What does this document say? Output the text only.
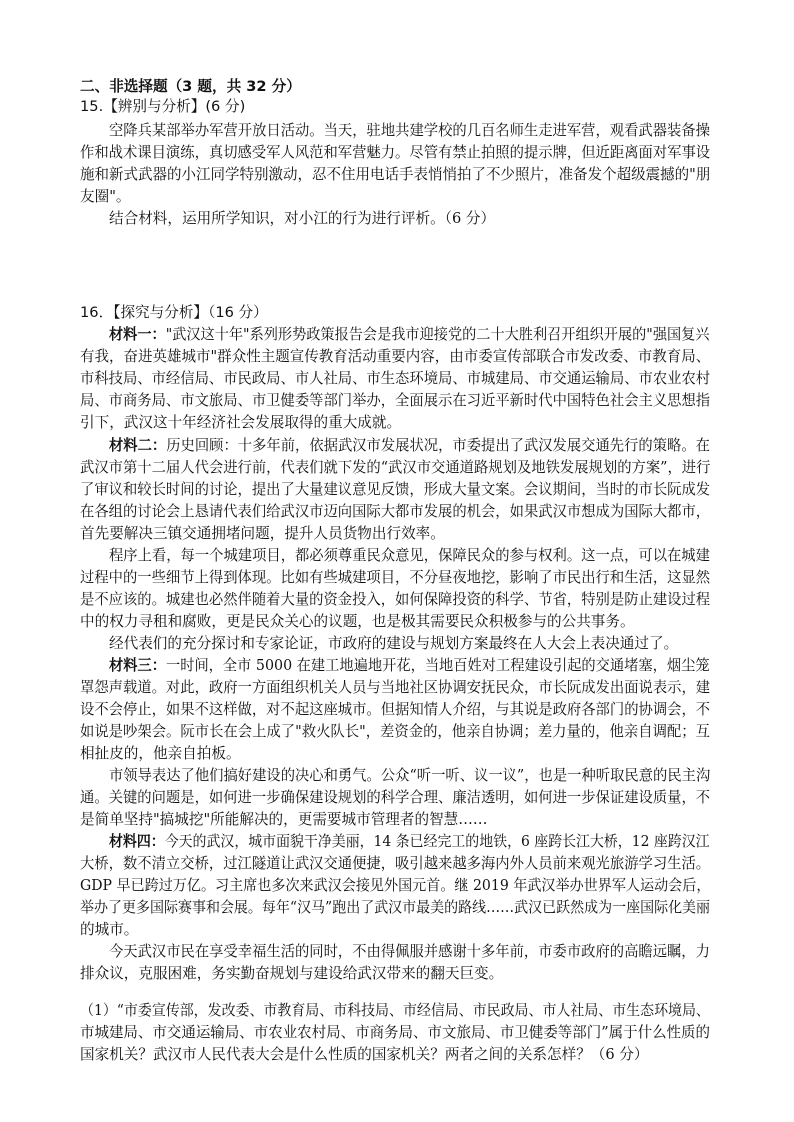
二、非选择题（3 题，共 32 分）
15.【辨别与分析】(6 分)
空降兵某部举办军营开放日活动。当天，驻地共建学校的几百名师生走进军营，观看武器装备操
作和战术课目演练，真切感受军人风范和军营魅力。尽管有禁止拍照的提示牌，但近距离面对军事设
施和新式武器的小江同学特别激动，忍不住用电话手表悄悄拍了不少照片，准备发个超级震撼的"朋
友圈"。
结合材料，运用所学知识，对小江的行为进行评析。（6 分）
16．【探究与分析】（16 分）
材料一："武汉这十年"系列形势政策报告会是我市迎接党的二十大胜利召开组织开展的"强国复兴
有我，奋进英雄城市"群众性主题宣传教育活动重要内容，由市委宣传部联合市发改委、市教育局、
市科技局、市经信局、市民政局、市人社局、市生态环境局、市城建局、市交通运输局、市农业农村
局、市商务局、市文旅局、市卫健委等部门举办，全面展示在习近平新时代中国特色社会主义思想指
引下，武汉这十年经济社会发展取得的重大成就。
材料二：历史回顾：十多年前，依据武汉市发展状况，市委提出了武汉发展交通先行的策略。在
武汉市第十二届人代会进行前，代表们就下发的“武汉市交通道路规划及地铁发展规划的方案”，进行
了审议和较长时间的讨论，提出了大量建议意见反馈，形成大量文案。会议期间，当时的市长阮成发
在各组的讨论会上恳请代表们给武汉市迈向国际大都市发展的机会，如果武汉市想成为国际大都市，
首先要解决三镇交通拥堵问题，提升人员货物出行效率。
程序上看，每一个城建项目，都必须尊重民众意见，保障民众的参与权利。这一点，可以在城建
过程中的一些细节上得到体现。比如有些城建项目，不分昼夜地挖，影响了市民出行和生活，这显然
是不应该的。城建也必然伴随着大量的资金投入，如何保障投资的科学、节省，特别是防止建设过程
中的权力寻租和腐败，更是民众关心的议题，也是极其需要民众积极参与的公共事务。
经代表们的充分探讨和专家论证，市政府的建设与规划方案最终在人大会上表决通过了。
材料三：一时间，全市 5000 在建工地遍地开花，当地百姓对工程建设引起的交通堵塞，烟尘笼
罩怨声载道。对此，政府一方面组织机关人员与当地社区协调安抚民众，市长阮成发出面说表示，建
设不会停止，如果不这样做，对不起这座城市。但据知情人介绍，与其说是政府各部门的协调会，不
如说是吵架会。阮市长在会上成了"救火队长"，差资金的，他亲自协调；差力量的，他亲自调配；互
相扯皮的，他亲自拍板。
市领导表达了他们搞好建设的决心和勇气。公众“听一听、议一议”，也是一种听取民意的民主沟
通。关键的问题是，如何进一步确保建设规划的科学合理、廉洁透明，如何进一步保证建设质量，不
是简单坚持"搞城挖"所能解决的，更需要城市管理者的智慧……
材料四：今天的武汉，城市面貌干净美丽，14 条已经完工的地铁，6 座跨长江大桥，12 座跨汉江
大桥，数不清立交桥，过江隧道让武汉交通便捷，吸引越来越多海内外人员前来观光旅游学习生活。
GDP 早已跨过万亿。习主席也多次来武汉会接见外国元首。继 2019 年武汉举办世界军人运动会后，
举办了更多国际赛事和会展。每年“汉马”跑出了武汉市最美的路线……武汉已跃然成为一座国际化美丽
的城市。
今天武汉市民在享受幸福生活的同时，不由得佩服并感谢十多年前，市委市政府的高瞻远瞩，力
排众议，克服困难，务实勤奋规划与建设给武汉带来的翻天巨变。
（1）“市委宣传部，发改委、市教育局、市科技局、市经信局、市民政局、市人社局、市生态环境局、
市城建局、市交通运输局、市农业农村局、市商务局、市文旅局、市卫健委等部门”属于什么性质的
国家机关？武汉市人民代表大会是什么性质的国家机关？两者之间的关系怎样？（6 分）
